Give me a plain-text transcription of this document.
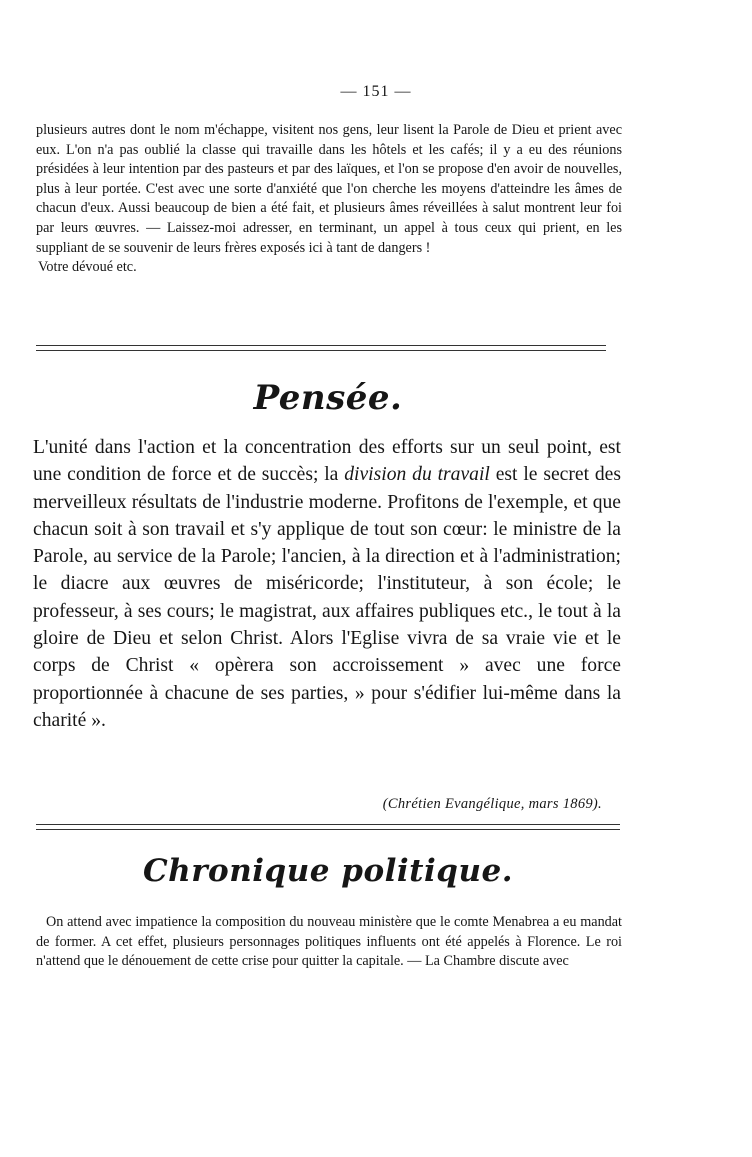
— 151 —

plusieurs autres dont le nom m'échappe, visitent nos gens, leur lisent la Parole de Dieu et prient avec eux. L'on n'a pas oublié la classe qui travaille dans les hôtels et les cafés; il y a eu des réunions présidées à leur intention par des pasteurs et par des laïques, et l'on se propose d'en avoir de nouvelles, plus à leur portée. C'est avec une sorte d'anxiété que l'on cherche les moyens d'atteindre les âmes de chacun d'eux. Aussi beaucoup de bien a été fait, et plusieurs âmes réveillées à salut montrent leur foi par leurs œuvres. — Laissez-moi adresser, en terminant, un appel à tous ceux qui prient, en les suppliant de se souvenir de leurs frères exposés ici à tant de dangers !

Votre dévoué etc.

Pensée.

L'unité dans l'action et la concentration des efforts sur un seul point, est une condition de force et de succès; la division du travail est le secret des merveilleux résultats de l'industrie moderne. Profitons de l'exemple, et que chacun soit à son travail et s'y applique de tout son cœur: le ministre de la Parole, au service de la Parole; l'ancien, à la direction et à l'administration; le diacre aux œuvres de miséricorde; l'instituteur, à son école; le professeur, à ses cours; le magistrat, aux affaires publiques etc., le tout à la gloire de Dieu et selon Christ. Alors l'Eglise vivra de sa vraie vie et le corps de Christ « opèrera son accroissement » avec une force proportionnée à chacune de ses parties, » pour s'édifier lui-même dans la charité ».

(Chrétien Evangélique, mars 1869).
Chronique politique.

On attend avec impatience la composition du nouveau ministère que le comte Menabrea a eu mandat de former. A cet effet, plusieurs personnages politiques influents ont été appelés à Florence. Le roi n'attend que le dénouement de cette crise pour quitter la capitale. — La Chambre discute avec
